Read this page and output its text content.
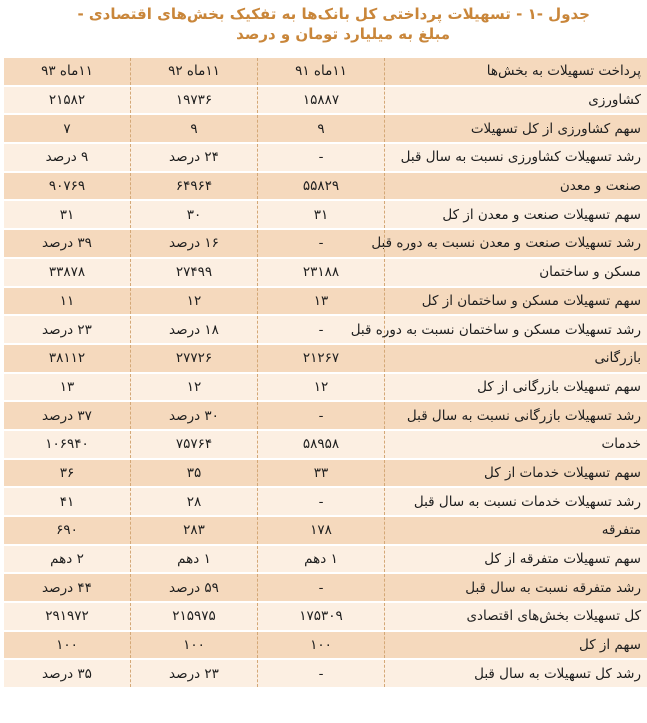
جدول -۱ - تسهیلات پرداختی کل بانک‌ها به تفکیک بخش‌های اقتصادی -
مبلغ به میلیارد تومان و درصد
پرداخت تسهیلات به بخش‌ها	۱۱ماه ۹۱	۱۱ماه ۹۲	۱۱ماه ۹۳
کشاورزی	۱۵۸۸۷	۱۹۷۳۶	۲۱۵۸۲
سهم کشاورزی از کل تسهیلات	۹	۹	۷
رشد تسهیلات کشاورزی نسبت به سال قبل	-	۲۴ درصد	۹ درصد
صنعت و معدن	۵۵۸۲۹	۶۴۹۶۴	۹۰۷۶۹
سهم تسهیلات صنعت و معدن از کل	۳۱	۳۰	۳۱
رشد تسهیلات صنعت و معدن نسبت به دوره قبل	-	۱۶ درصد	۳۹ درصد
مسکن و ساختمان	۲۳۱۸۸	۲۷۴۹۹	۳۳۸۷۸
سهم تسهیلات مسکن و ساختمان از کل	۱۳	۱۲	۱۱
رشد تسهیلات مسکن و ساختمان نسبت به دوره قبل	-	۱۸ درصد	۲۳ درصد
بازرگانی	۲۱۲۶۷	۲۷۷۲۶	۳۸۱۱۲
سهم تسهیلات بازرگانی از کل	۱۲	۱۲	۱۳
رشد تسهیلات بازرگانی نسبت به سال قبل	-	۳۰ درصد	۳۷ درصد
خدمات	۵۸۹۵۸	۷۵۷۶۴	۱۰۶۹۴۰
سهم تسهیلات خدمات از کل	۳۳	۳۵	۳۶
رشد تسهیلات خدمات نسبت به سال قبل	-	۲۸	۴۱
متفرقه	۱۷۸	۲۸۳	۶۹۰
سهم تسهیلات متفرقه از کل	۱ دهم	۱ دهم	۲ دهم
رشد متفرقه نسبت به سال قبل	-	۵۹ درصد	۴۴ درصد
کل تسهیلات بخش‌های اقتصادی	۱۷۵۳۰۹	۲۱۵۹۷۵	۲۹۱۹۷۲
سهم از کل	۱۰۰	۱۰۰	۱۰۰
رشد کل تسهیلات به سال قبل	-	۲۳ درصد	۳۵ درصد
